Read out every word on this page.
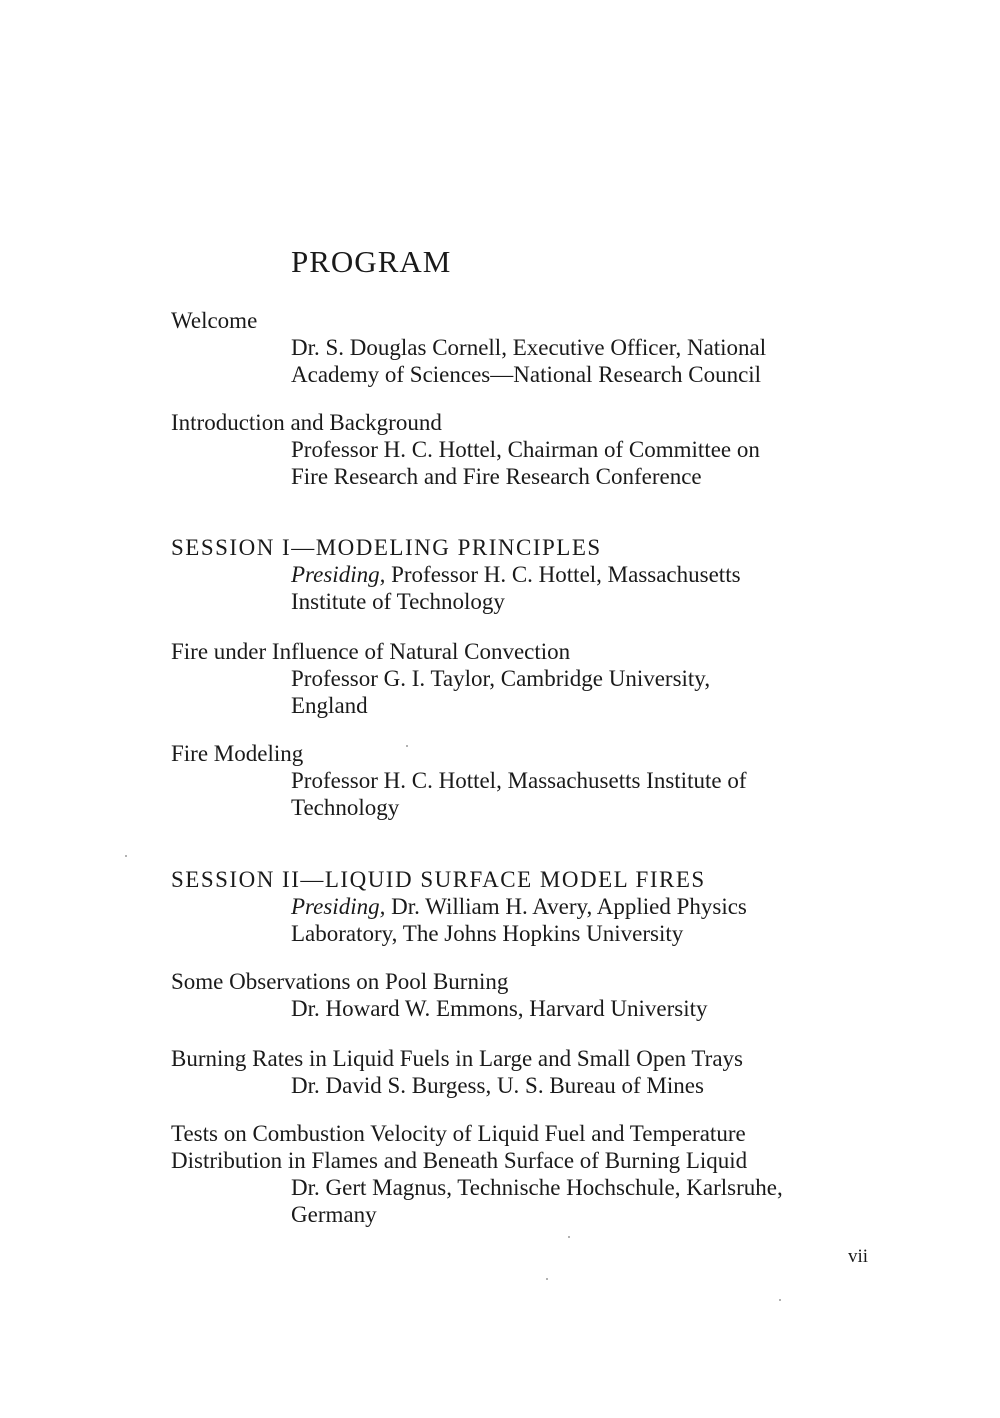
PROGRAM
Welcome
Dr. S. Douglas Cornell, Executive Officer, National
Academy of Sciences—National Research Council
Introduction and Background
Professor H. C. Hottel, Chairman of Committee on
Fire Research and Fire Research Conference
SESSION I—MODELING PRINCIPLES
Presiding, Professor H. C. Hottel, Massachusetts
Institute of Technology
Fire under Influence of Natural Convection
Professor G. I. Taylor, Cambridge University,
England
Fire Modeling
Professor H. C. Hottel, Massachusetts Institute of
Technology
SESSION II—LIQUID SURFACE MODEL FIRES
Presiding, Dr. William H. Avery, Applied Physics
Laboratory, The Johns Hopkins University
Some Observations on Pool Burning
Dr. Howard W. Emmons, Harvard University
Burning Rates in Liquid Fuels in Large and Small Open Trays
Dr. David S. Burgess, U. S. Bureau of Mines
Tests on Combustion Velocity of Liquid Fuel and Temperature
Distribution in Flames and Beneath Surface of Burning Liquid
Dr. Gert Magnus, Technische Hochschule, Karlsruhe,
Germany
vii
